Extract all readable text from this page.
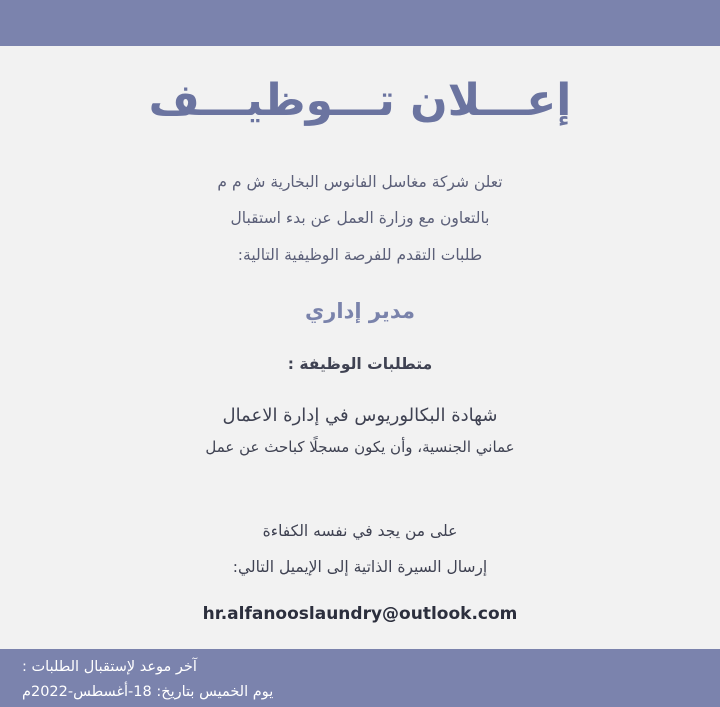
إعـــلان تـــوظيـــف
تعلن شركة مغاسل الفانوس البخارية ش م م
بالتعاون مع وزارة العمل عن بدء استقبال
طلبات التقدم للفرصة الوظيفية التالية:
مدير إداري
متطلبات الوظيفة :
شهادة البكالوريوس في إدارة الاعمال
عماني الجنسية، وأن يكون مسجلًا كباحث عن عمل
على من يجد في نفسه الكفاءة
إرسال السيرة الذاتية إلى الإيميل التالي:
hr.alfanooslaundry@outlook.com
آخر موعد لإستقبال الطلبات :
يوم الخميس بتاريخ: 18-أغسطس-2022م
